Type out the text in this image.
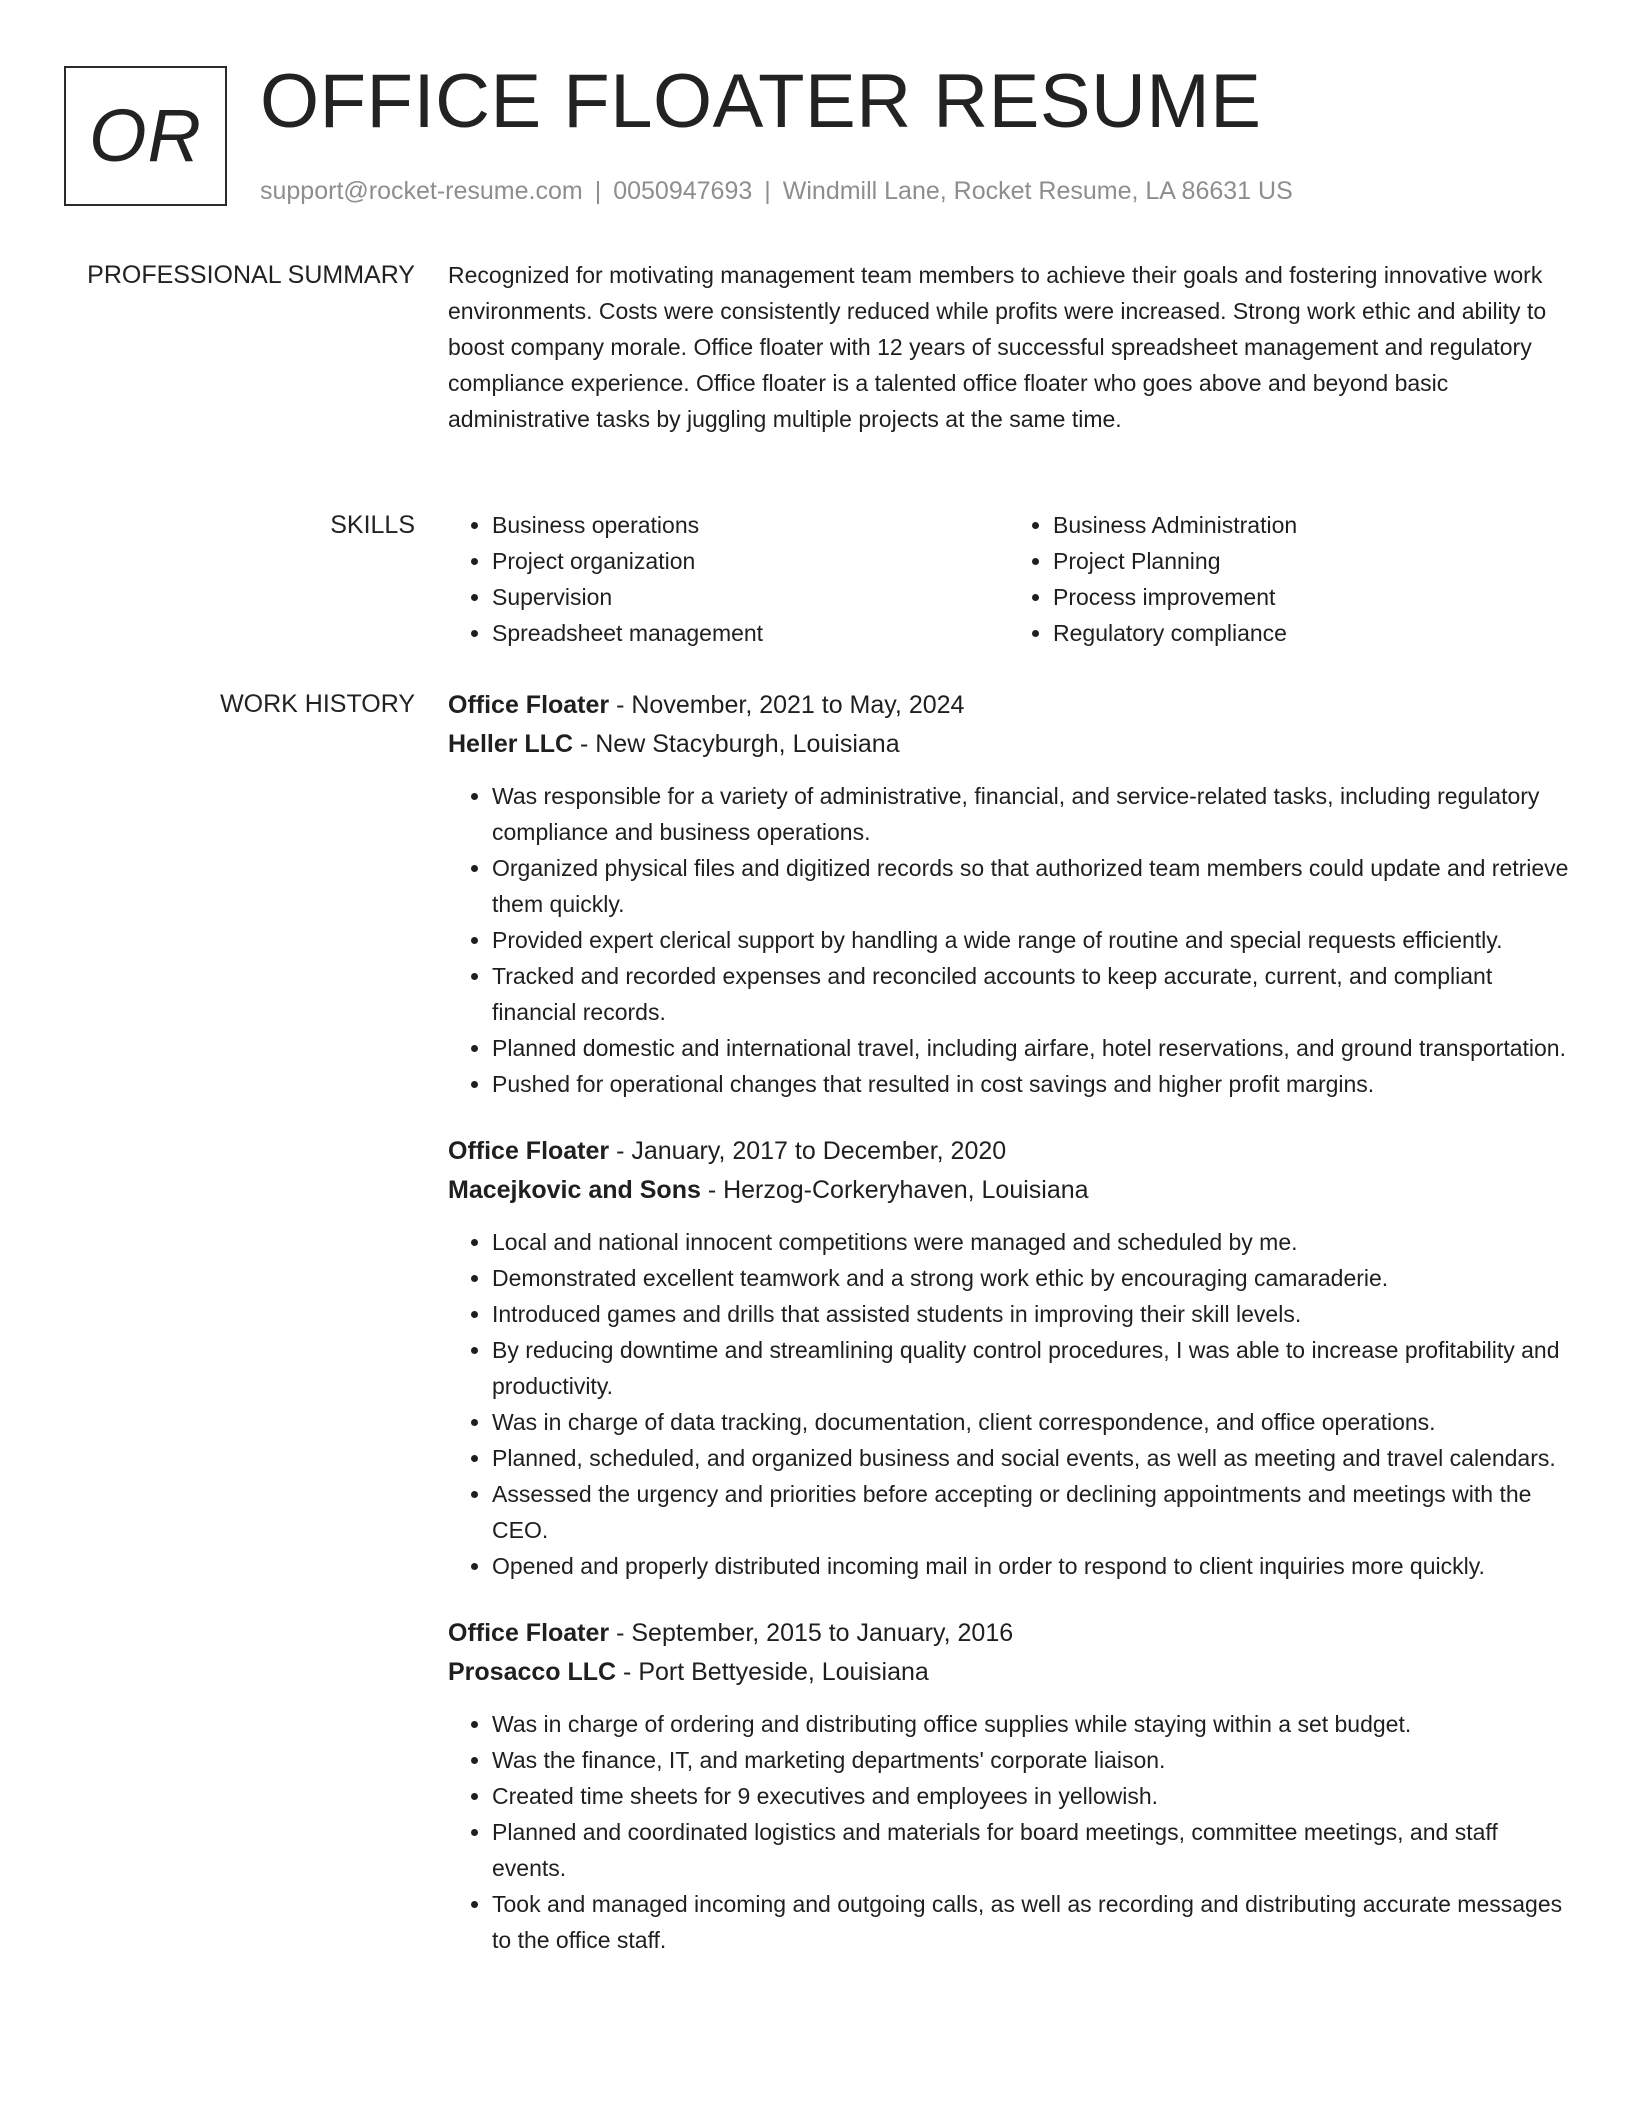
OR OFFICE FLOATER RESUME
support@rocket-resume.com | 0050947693 | Windmill Lane, Rocket Resume, LA 86631 US
PROFESSIONAL SUMMARY Recognized for motivating management team members to achieve their goals and fostering innovative work environments. Costs were consistently reduced while profits were increased. Strong work ethic and ability to boost company morale. Office floater with 12 years of successful spreadsheet management and regulatory compliance experience. Office floater is a talented office floater who goes above and beyond basic administrative tasks by juggling multiple projects at the same time.
SKILLS
•	Business operations
• Project organization
• Supervision
• Spreadsheet management
• Business Administration
• Project Planning
• Process improvement
• Regulatory compliance
WORK HISTORY Office Floater - November, 2021 to May, 2024
Heller LLC - New Stacyburgh, Louisiana
• Was responsible for a variety of administrative, financial, and service-related tasks, including regulatory compliance and business operations.
• Organized physical files and digitized records so that authorized team members could update and retrieve them quickly.
• Provided expert clerical support by handling a wide range of routine and special requests efficiently.
• Tracked and recorded expenses and reconciled accounts to keep accurate, current, and compliant financial records.
• Planned domestic and international travel, including airfare, hotel reservations, and ground transportation.
• Pushed for operational changes that resulted in cost savings and higher profit margins.
Office Floater - January, 2017 to December, 2020
Macejkovic and Sons - Herzog-Corkeryhaven, Louisiana
• Local and national innocent competitions were managed and scheduled by me.
• Demonstrated excellent teamwork and a strong work ethic by encouraging camaraderie.
• Introduced games and drills that assisted students in improving their skill levels.
• By reducing downtime and streamlining quality control procedures, I was able to increase profitability and productivity.
• Was in charge of data tracking, documentation, client correspondence, and office operations.
• Planned, scheduled, and organized business and social events, as well as meeting and travel calendars.
• Assessed the urgency and priorities before accepting or declining appointments and meetings with the CEO.
• Opened and properly distributed incoming mail in order to respond to client inquiries more quickly.
Office Floater - September, 2015 to January, 2016
Prosacco LLC - Port Bettyeside, Louisiana
• Was in charge of ordering and distributing office supplies while staying within a set budget.
• Was the finance, IT, and marketing departments' corporate liaison.
• Created time sheets for 9 executives and employees in yellowish.
• Planned and coordinated logistics and materials for board meetings, committee meetings, and staff events.
• Took and managed incoming and outgoing calls, as well as recording and distributing accurate messages to the office staff.
